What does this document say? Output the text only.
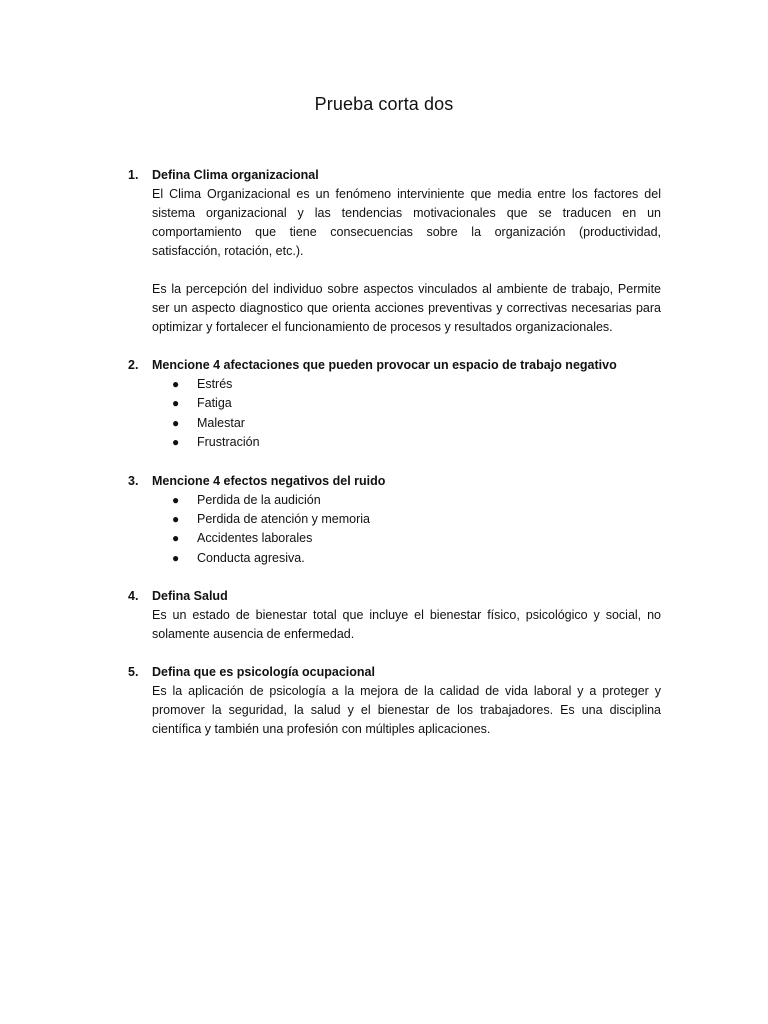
Prueba corta dos
1. Defina Clima organizacional

El Clima Organizacional es un fenómeno interviniente que media entre los factores del sistema organizacional y las tendencias motivacionales que se traducen en un comportamiento que tiene consecuencias sobre la organización (productividad, satisfacción, rotación, etc.).

Es la percepción del individuo sobre aspectos vinculados al ambiente de trabajo, Permite ser un aspecto diagnostico que orienta acciones preventivas y correctivas necesarias para optimizar y fortalecer el funcionamiento de procesos y resultados organizacionales.

2. Mencione 4 afectaciones que pueden provocar un espacio de trabajo negativo

● Estrés
● Fatiga
● Malestar
● Frustración
3. Mencione 4 efectos negativos del ruido

● Perdida de la audición
● Perdida de atención y memoria
● Accidentes laborales
● Conducta agresiva.
4. Defina Salud

Es un estado de bienestar total que incluye el bienestar físico, psicológico y social, no solamente ausencia de enfermedad.

5. Defina que es psicología ocupacional

Es la aplicación de psicología a la mejora de la calidad de vida laboral y a proteger y promover la seguridad, la salud y el bienestar de los trabajadores. Es una disciplina científica y también una profesión con múltiples aplicaciones.
